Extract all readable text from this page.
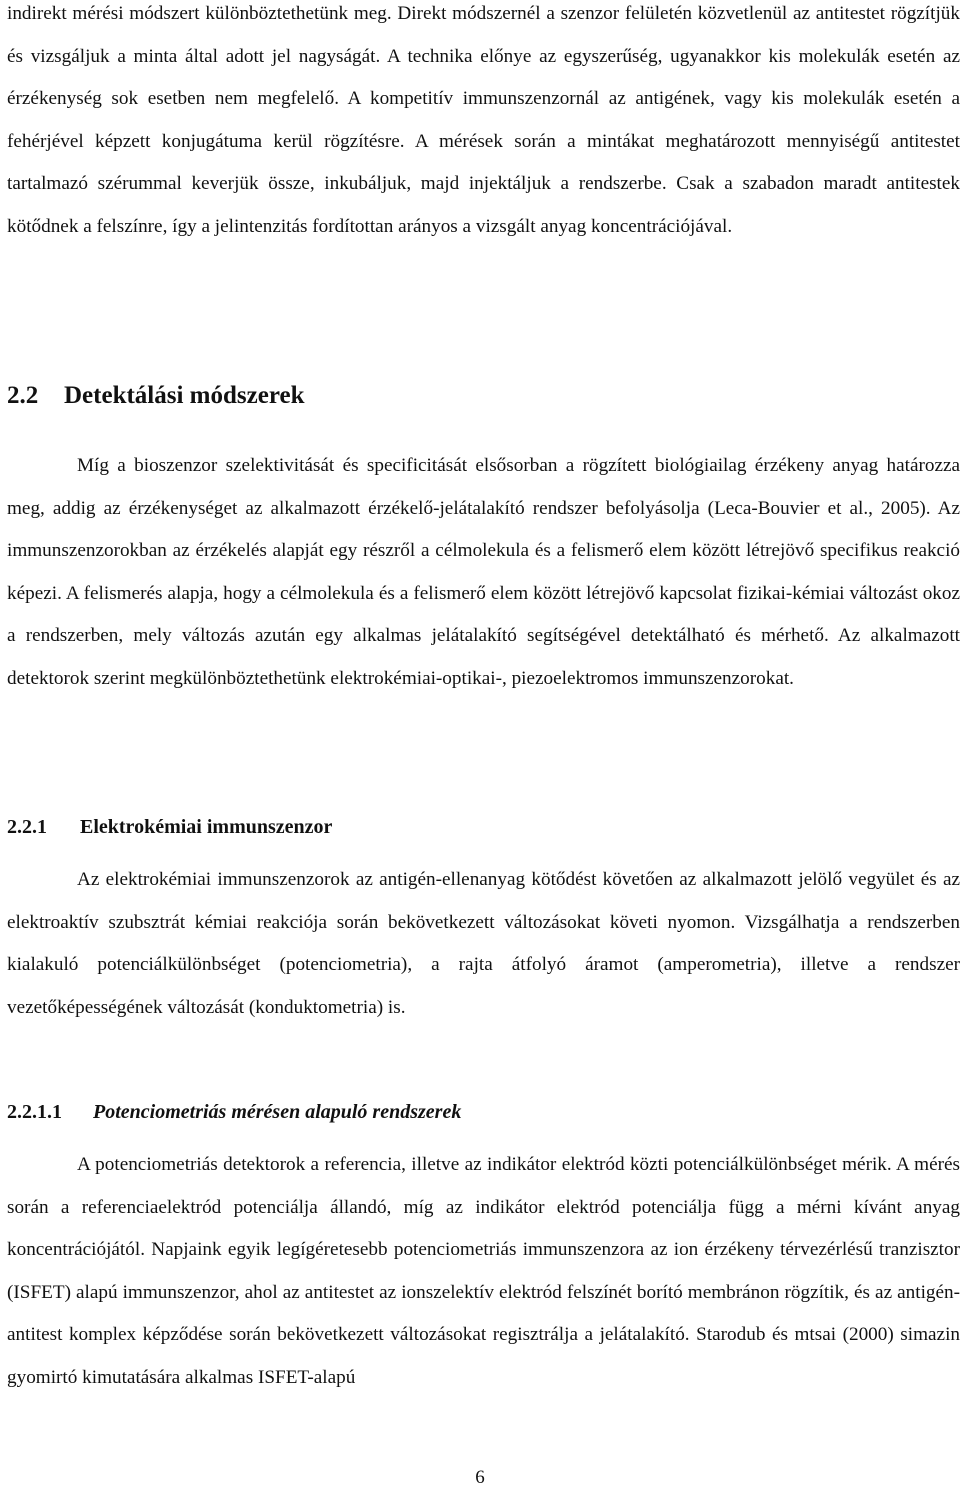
indirekt mérési módszert különböztethetünk meg. Direkt módszernél a szenzor felületén közvetlenül az antitestet rögzítjük és vizsgáljuk a minta által adott jel nagyságát. A technika előnye az egyszerűség, ugyanakkor kis molekulák esetén az érzékenység sok esetben nem megfelelő. A kompetitív immunszenzornál az antigének, vagy kis molekulák esetén a fehérjével képzett konjugátuma kerül rögzítésre. A mérések során a mintákat meghatározott mennyiségű antitestet tartalmazó szérummal keverjük össze, inkubáljuk, majd injektáljuk a rendszerbe. Csak a szabadon maradt antitestek kötődnek a felszínre, így a jelintenzitás fordítottan arányos a vizsgált anyag koncentrációjával.

2.2 Detektálási módszerek

Míg a bioszenzor szelektivitását és specificitását elsősorban a rögzített biológiailag érzékeny anyag határozza meg, addig az érzékenységet az alkalmazott érzékelő-jelátalakító rendszer befolyásolja (Leca-Bouvier et al., 2005). Az immunszenzorokban az érzékelés alapját egy részről a célmolekula és a felismerő elem között létrejövő specifikus reakció képezi. A felismerés alapja, hogy a célmolekula és a felismerő elem között létrejövő kapcsolat fizikai-kémiai változást okoz a rendszerben, mely változás azután egy alkalmas jelátalakító segítségével detektálható és mérhető. Az alkalmazott detektorok szerint megkülönböztethetünk elektrokémiai-optikai-, piezoelektromos immunszenzorokat.

2.2.1 Elektrokémiai immunszenzor

Az elektrokémiai immunszenzorok az antigén-ellenanyag kötődést követően az alkalmazott jelölő vegyület és az elektroaktív szubsztrát kémiai reakciója során bekövetkezett változásokat követi nyomon. Vizsgálhatja a rendszerben kialakuló potenciálkülönbséget (potenciometria), a rajta átfolyó áramot (amperometria), illetve a rendszer vezetőképességének változását (konduktometria) is.

2.2.1.1 Potenciometriás mérésen alapuló rendszerek

A potenciometriás detektorok a referencia, illetve az indikátor elektród közti potenciálkülönbséget mérik. A mérés során a referenciaelektród potenciálja állandó, míg az indikátor elektród potenciálja függ a mérni kívánt anyag koncentrációjától. Napjaink egyik legígéretesebb potenciometriás immunszenzora az ion érzékeny térvezérlésű tranzisztor (ISFET) alapú immunszenzor, ahol az antitestet az ionszelektív elektród felszínét borító membránon rögzítik, és az antigén-antitest komplex képződése során bekövetkezett változásokat regisztrálja a jelátalakító. Starodub és mtsai (2000) simazin gyomirtó kimutatására alkalmas ISFET-alapú

6
